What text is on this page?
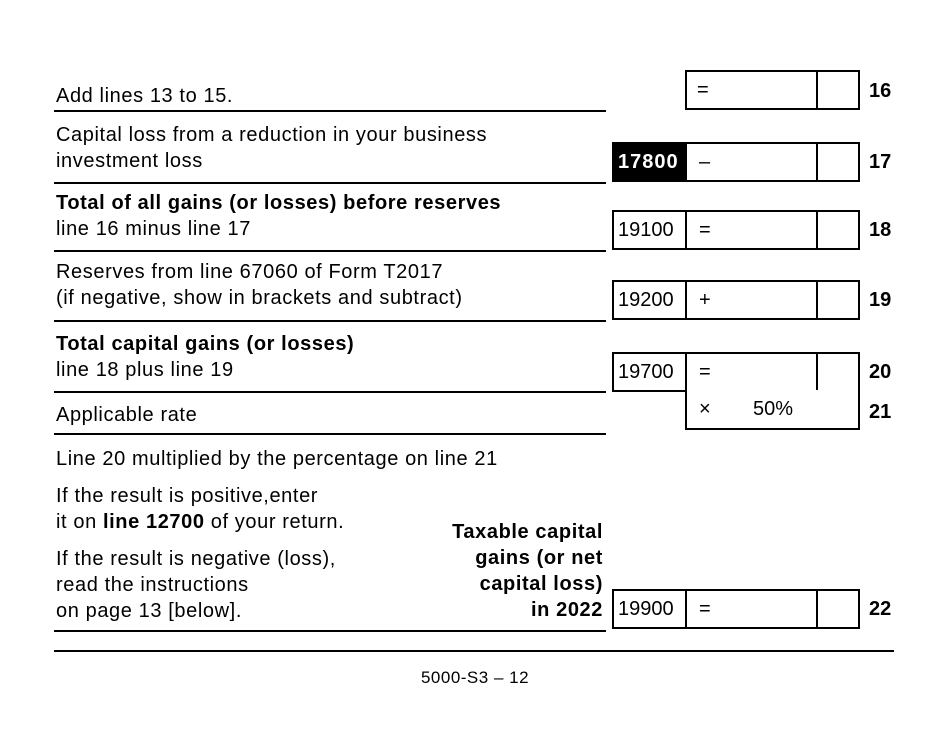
Add lines 13 to 15.	=	16
Capital loss from a reduction in your business
investment loss	17800	–	17
Total of all gains (or losses) before reserves
line 16 minus line 17	19100	=	18
Reserves from line 67060 of Form T2017
(if negative, show in brackets and subtract)	19200	+	19
Total capital gains (or losses)
line 18 plus line 19	19700	=	20
Applicable rate	× 50%	21
Line 20 multiplied by the percentage on line 21
If the result is positive,enter
it on line 12700 of your return.
If the result is negative (loss),
read the instructions
on page 13 [below].
Taxable capital
gains (or net
capital loss)
in 2022 19900	=	22
5000-S3 – 12
